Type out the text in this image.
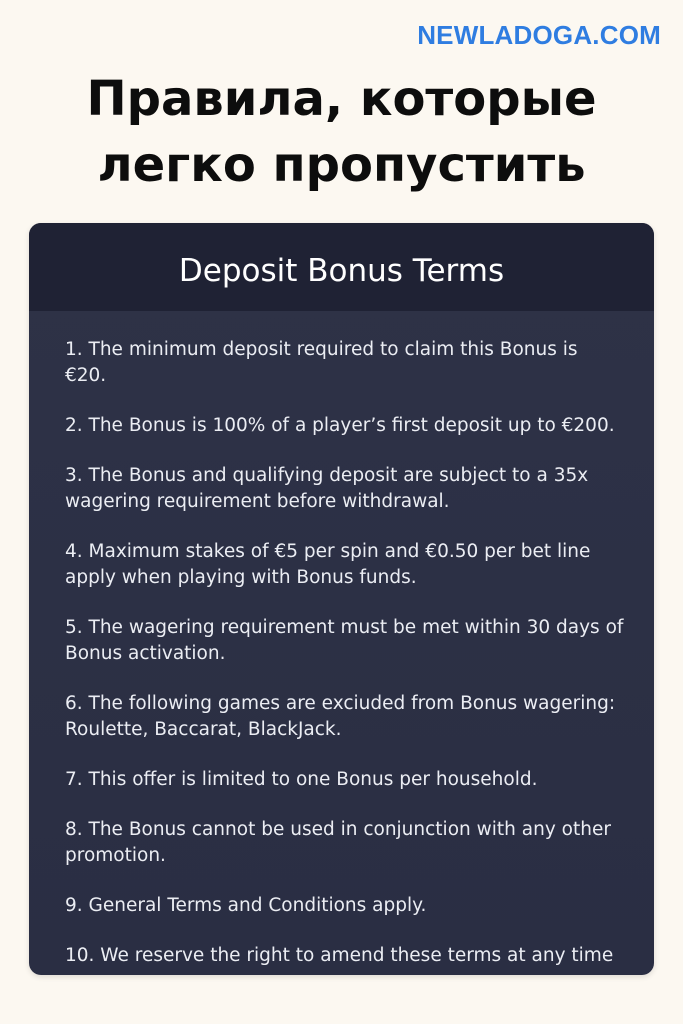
NEWLADOGA.COM
Правила, которые
легко пропустить
Deposit Bonus Terms
1. The minimum deposit required to claim this Bonus is €20.
2. The Bonus is 100% of a player’s first deposit up to €200.
3. The Bonus and qualifying deposit are subject to a 35x wagering requirement before withdrawal.
4. Maximum stakes of €5 per spin and €0.50 per bet line apply when playing with Bonus funds.
5. The wagering requirement must be met within 30 days of Bonus activation.
6. The following games are exciuded from Bonus wagering: Roulette, Baccarat, BlackJack.
7. This offer is limited to one Bonus per household.
8. The Bonus cannot be used in conjunction with any other promotion.
9. General Terms and Conditions apply.
10. We reserve the right to amend these terms at any time
